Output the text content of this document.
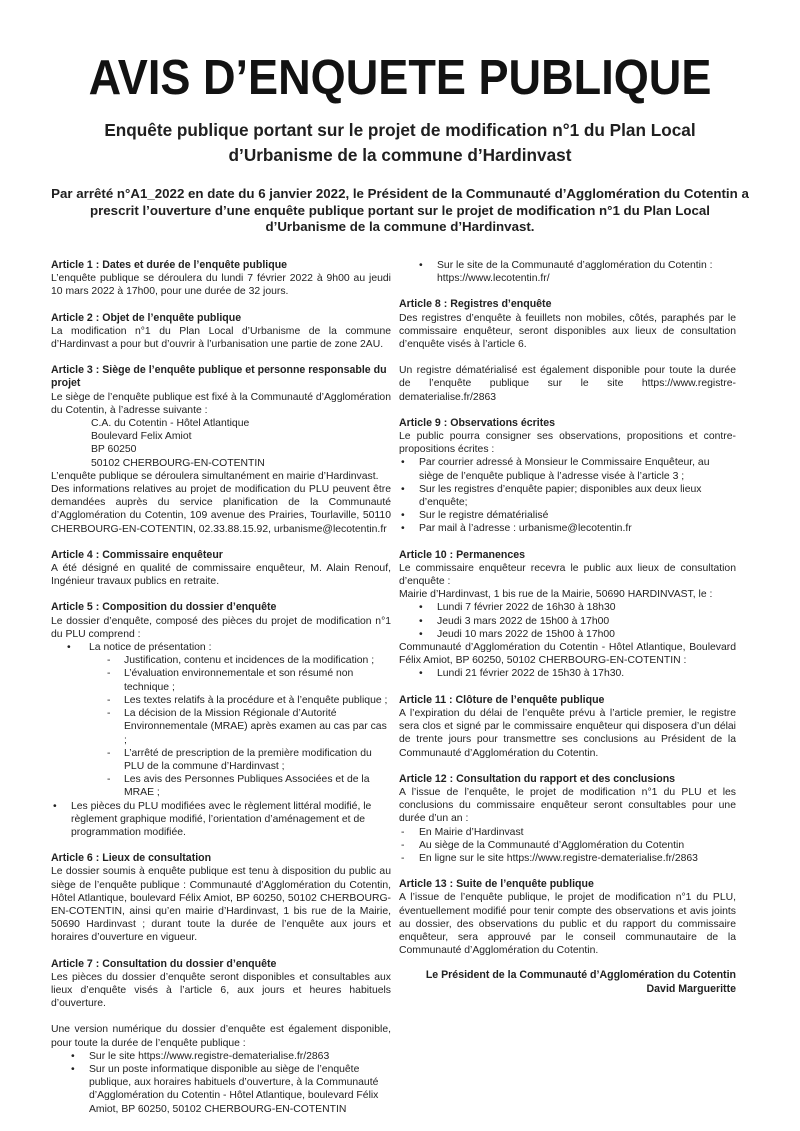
AVIS D’ENQUETE PUBLIQUE
Enquête publique portant sur le projet de modification n°1 du Plan Local
d’Urbanisme de la commune d’Hardinvast
Par arrêté n°A1_2022 en date du 6 janvier 2022, le Président de la Communauté d’Agglomération du Cotentin a prescrit l’ouverture d’une enquête publique portant sur le projet de modification n°1 du Plan Local d’Urbanisme de la commune d’Hardinvast.

Article 1 : Dates et durée de l’enquête publique

L’enquête publique se déroulera du lundi 7 février 2022 à 9h00 au jeudi 10 mars 2022 à 17h00, pour une durée de 32 jours.

Article 2 : Objet de l’enquête publique

La modification n°1 du Plan Local d’Urbanisme de la commune d’Hardinvast a pour but d’ouvrir à l’urbanisation une partie de zone 2AU.

Article 3 : Siège de l’enquête publique et personne responsable du projet

Le siège de l’enquête publique est fixé à la Communauté d’Agglomération du Cotentin, à l’adresse suivante :

C.A. du Cotentin - Hôtel Atlantique

Boulevard Felix Amiot

BP 60250

50102 CHERBOURG-EN-COTENTIN

L’enquête publique se déroulera simultanément en mairie d’Hardinvast.

Des informations relatives au projet de modification du PLU peuvent être demandées auprès du service planification de la Communauté d’Agglomération du Cotentin, 109 avenue des Prairies, Tourlaville, 50110 CHERBOURG-EN-COTENTIN, 02.33.88.15.92, urbanisme@lecotentin.fr

Article 4 : Commissaire enquêteur

A été désigné en qualité de commissaire enquêteur, M. Alain Renouf, Ingénieur travaux publics en retraite.

Article 5 : Composition du dossier d’enquête

Le dossier d’enquête, composé des pièces du projet de modification n°1 du PLU comprend :

• La notice de présentation :
- Justification, contenu et incidences de la modification ;
- L’évaluation environnementale et son résumé non technique ;
- Les textes relatifs à la procédure et à l’enquête publique ;
- La décision de la Mission Régionale d’Autorité Environnementale (MRAE) après examen au cas par cas ;
- L’arrêté de prescription de la première modification du PLU de la commune d’Hardinvast ;
- Les avis des Personnes Publiques Associées et de la MRAE ;
• Les pièces du PLU modifiées avec le règlement littéral modifié, le règlement graphique modifié, l’orientation d’aménagement et de programmation modifiée.

Article 6 : Lieux de consultation

Le dossier soumis à enquête publique est tenu à disposition du public au siège de l’enquête publique : Communauté d’Agglomération du Cotentin, Hôtel Atlantique, boulevard Félix Amiot, BP 60250, 50102 CHERBOURG-EN-COTENTIN, ainsi qu’en mairie d’Hardinvast, 1 bis rue de la Mairie, 50690 Hardinvast ; durant toute la durée de l’enquête aux jours et horaires d’ouverture en vigueur.

Article 7 : Consultation du dossier d’enquête

Les pièces du dossier d’enquête seront disponibles et consultables aux lieux d’enquête visés à l’article 6, aux jours et heures habituels d’ouverture.

Une version numérique du dossier d’enquête est également disponible, pour toute la durée de l’enquête publique :

• Sur le site https://www.registre-dematerialise.fr/2863
• Sur un poste informatique disponible au siège de l’enquête publique, aux horaires habituels d’ouverture, à la Communauté d’Agglomération du Cotentin - Hôtel Atlantique, boulevard Félix Amiot, BP 60250, 50102 CHERBOURG-EN-COTENTIN
• Sur le site de la Communauté d’agglomération du Cotentin : https://www.lecotentin.fr/

Article 8 : Registres d’enquête

Des registres d’enquête à feuillets non mobiles, côtés, paraphés par le commissaire enquêteur, seront disponibles aux lieux de consultation d’enquête visés à l’article 6.

Un registre dématérialisé est également disponible pour toute la durée de l’enquête publique sur le site https://www.registre-dematerialise.fr/2863

Article 9 : Observations écrites

Le public pourra consigner ses observations, propositions et contre-propositions écrites :

• Par courrier adressé à Monsieur le Commissaire Enquêteur, au siège de l’enquête publique à l’adresse visée à l’article 3 ;
• Sur les registres d’enquête papier; disponibles aux deux lieux d’enquête;
• Sur le registre dématérialisé
• Par mail à l’adresse : urbanisme@lecotentin.fr

Article 10 : Permanences

Le commissaire enquêteur recevra le public aux lieux de consultation d’enquête :

Mairie d’Hardinvast, 1 bis rue de la Mairie, 50690 HARDINVAST, le :

• Lundi 7 février 2022 de 16h30 à 18h30
• Jeudi 3 mars 2022 de 15h00 à 17h00
• Jeudi 10 mars 2022 de 15h00 à 17h00

Communauté d’Agglomération du Cotentin - Hôtel Atlantique, Boulevard Félix Amiot, BP 60250, 50102 CHERBOURG-EN-COTENTIN :

• Lundi 21 février 2022 de 15h30 à 17h30.

Article 11 : Clôture de l’enquête publique

A l’expiration du délai de l’enquête prévu à l’article premier, le registre sera clos et signé par le commissaire enquêteur qui disposera d’un délai de trente jours pour transmettre ses conclusions au Président de la Communauté d’Agglomération du Cotentin.

Article 12 : Consultation du rapport et des conclusions

A l’issue de l’enquête, le projet de modification n°1 du PLU et les conclusions du commissaire enquêteur seront consultables pour une durée d’un an :

- En Mairie d’Hardinvast
- Au siège de la Communauté d’Agglomération du Cotentin
- En ligne sur le site https://www.registre-dematerialise.fr/2863

Article 13 : Suite de l’enquête publique

A l’issue de l’enquête publique, le projet de modification n°1 du PLU, éventuellement modifié pour tenir compte des observations et avis joints au dossier, des observations du public et du rapport du commissaire enquêteur, sera approuvé par le conseil communautaire de la Communauté d’Agglomération du Cotentin.

Le Président de la Communauté d’Agglomération du Cotentin
David Margueritte
